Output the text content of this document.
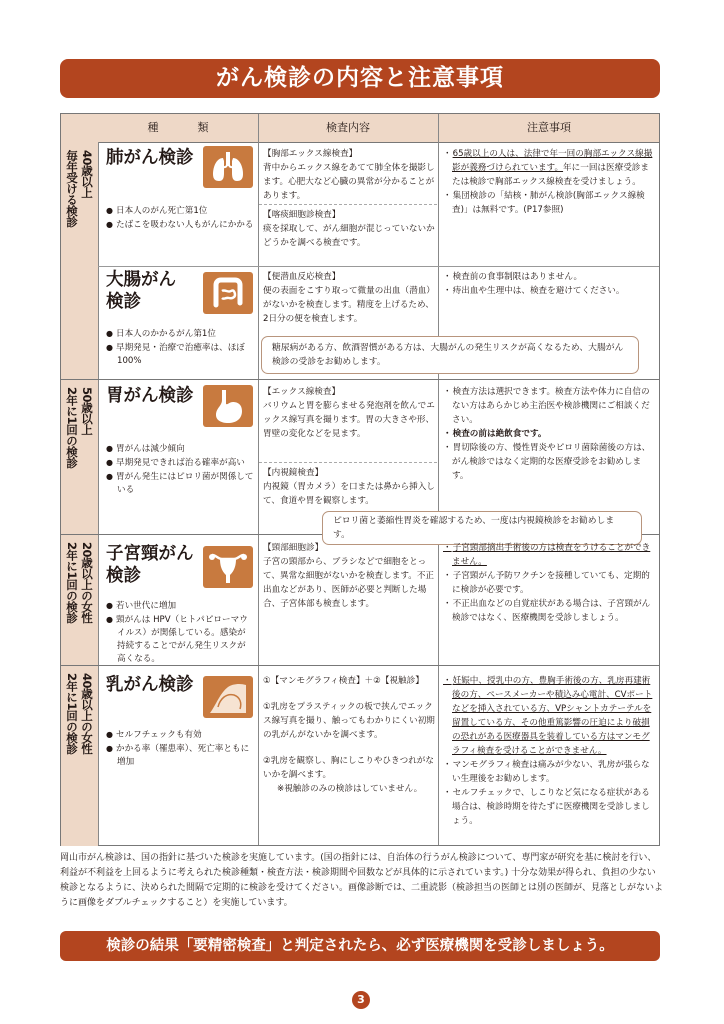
がん検診の内容と注意事項
種　類	検査内容	注意事項
40歳以上
毎年受ける検診
50歳以上
2年に1回の検診
20歳以上の女性
2年に1回の検診
40歳以上の女性
2年に1回の検診
肺がん検診
● 日本人のがん死亡第1位
● たばこを吸わない人もがんにかかる
【胸部エックス線検査】
背中からエックス線をあてて肺全体を撮影します。心肥大など心臓の異常が分かることがあります。
【喀痰細胞診検査】
痰を採取して、がん細胞が混じっていないかどうかを調べる検査です。
・ 65歳以上の人は、法律で年一回の胸部エックス線撮影が義務づけられています。年に一回は医療受診または検診で胸部エックス線検査を受けましょう。
・ 集団検診の「結核・肺がん検診(胸部エックス線検査)」は無料です。(P17参照)
大腸がん
検診
● 日本人のかかるがん第1位
● 早期発見・治療で治癒率は、ほぼ100%
【便潜血反応検査】
便の表面をこすり取って微量の出血（潜血）がないかを検査します。精度を上げるため、2日分の便を検査します。
・ 検査前の食事制限はありません。
・ 痔出血や生理中は、検査を避けてください。
糖尿病がある方、飲酒習慣がある方は、大腸がんの発生リスクが高くなるため、大腸がん検診の受診をお勧めします。
胃がん検診
● 胃がんは減少傾向
● 早期発見できれば治る確率が高い
● 胃がん発生にはピロリ菌が関係している
【エックス線検査】
バリウムと胃を膨らませる発泡剤を飲んでエックス線写真を撮ります。胃の大きさや形、胃壁の変化などを見ます。
【内視鏡検査】
内視鏡（胃カメラ）を口または鼻から挿入して、食道や胃を観察します。
・ 検査方法は選択できます。検査方法や体力に自信のない方はあらかじめ主治医や検診機関にご相談ください。
・ 検査の前は絶飲食です。
・ 胃切除後の方、慢性胃炎やピロリ菌除菌後の方は、がん検診ではなく定期的な医療受診をお勧めします。
ピロリ菌と萎縮性胃炎を確認するため、一度は内視鏡検診をお勧めします。
子宮頸がん
検診
● 若い世代に増加
● 頸がんは HPV（ヒトパピローマウイルス）が関係している。感染が持続することでがん発生リスクが高くなる。
【頸部細胞診】
子宮の頸部から、ブラシなどで細胞をとって、異常な細胞がないかを検査します。不正出血などがあり、医師が必要と判断した場合、子宮体部も検査します。
・ 子宮頸部摘出手術後の方は検査をうけることができません。
・ 子宮頸がん予防ワクチンを接種していても、定期的に検診が必要です。
・ 不正出血などの自覚症状がある場合は、子宮頸がん検診ではなく、医療機関を受診しましょう。
乳がん検診
● セルフチェックも有効
● かかる率（罹患率）、死亡率ともに増加
①【マンモグラフィ検査】＋②【視触診】
①乳房をプラスティックの板で挟んでエックス線写真を撮り、触ってもわかりにくい初期の乳がんがないかを調べます。
②乳房を観察し、胸にしこりやひきつれがないかを調べます。
※視触診のみの検診はしていません。
・ 妊娠中、授乳中の方、豊胸手術後の方、乳房再建術後の方、ペースメーカーや積込み心電計、CVポートなどを挿入されている方、VPシャントカテーテルを留置している方、その他重篤影響の圧迫により破損の恐れがある医療器具を装着している方はマンモグラフィ検査を受けることができません。
・ マンモグラフィ検査は痛みが少ない、乳房が張らない生理後をお勧めします。
・ セルフチェックで、しこりなど気になる症状がある場合は、検診時期を待たずに医療機関を受診しましょう。
岡山市がん検診は、国の指針に基づいた検診を実施しています。(国の指針には、自治体の行うがん検診について、専門家が研究を基に検討を行い、利益が不利益を上回るように考えられた検診種類・検査方法・検診期間や回数などが具体的に示されています。) 十分な効果が得られ、負担の少ない検診となるように、決められた間隔で定期的に検診を受けてください。画像診断では、二重読影（検診担当の医師とは別の医師が、見落としがないように画像をダブルチェックすること）を実施しています。
検診の結果「要精密検査」と判定されたら、必ず医療機関を受診しましょう。
3
